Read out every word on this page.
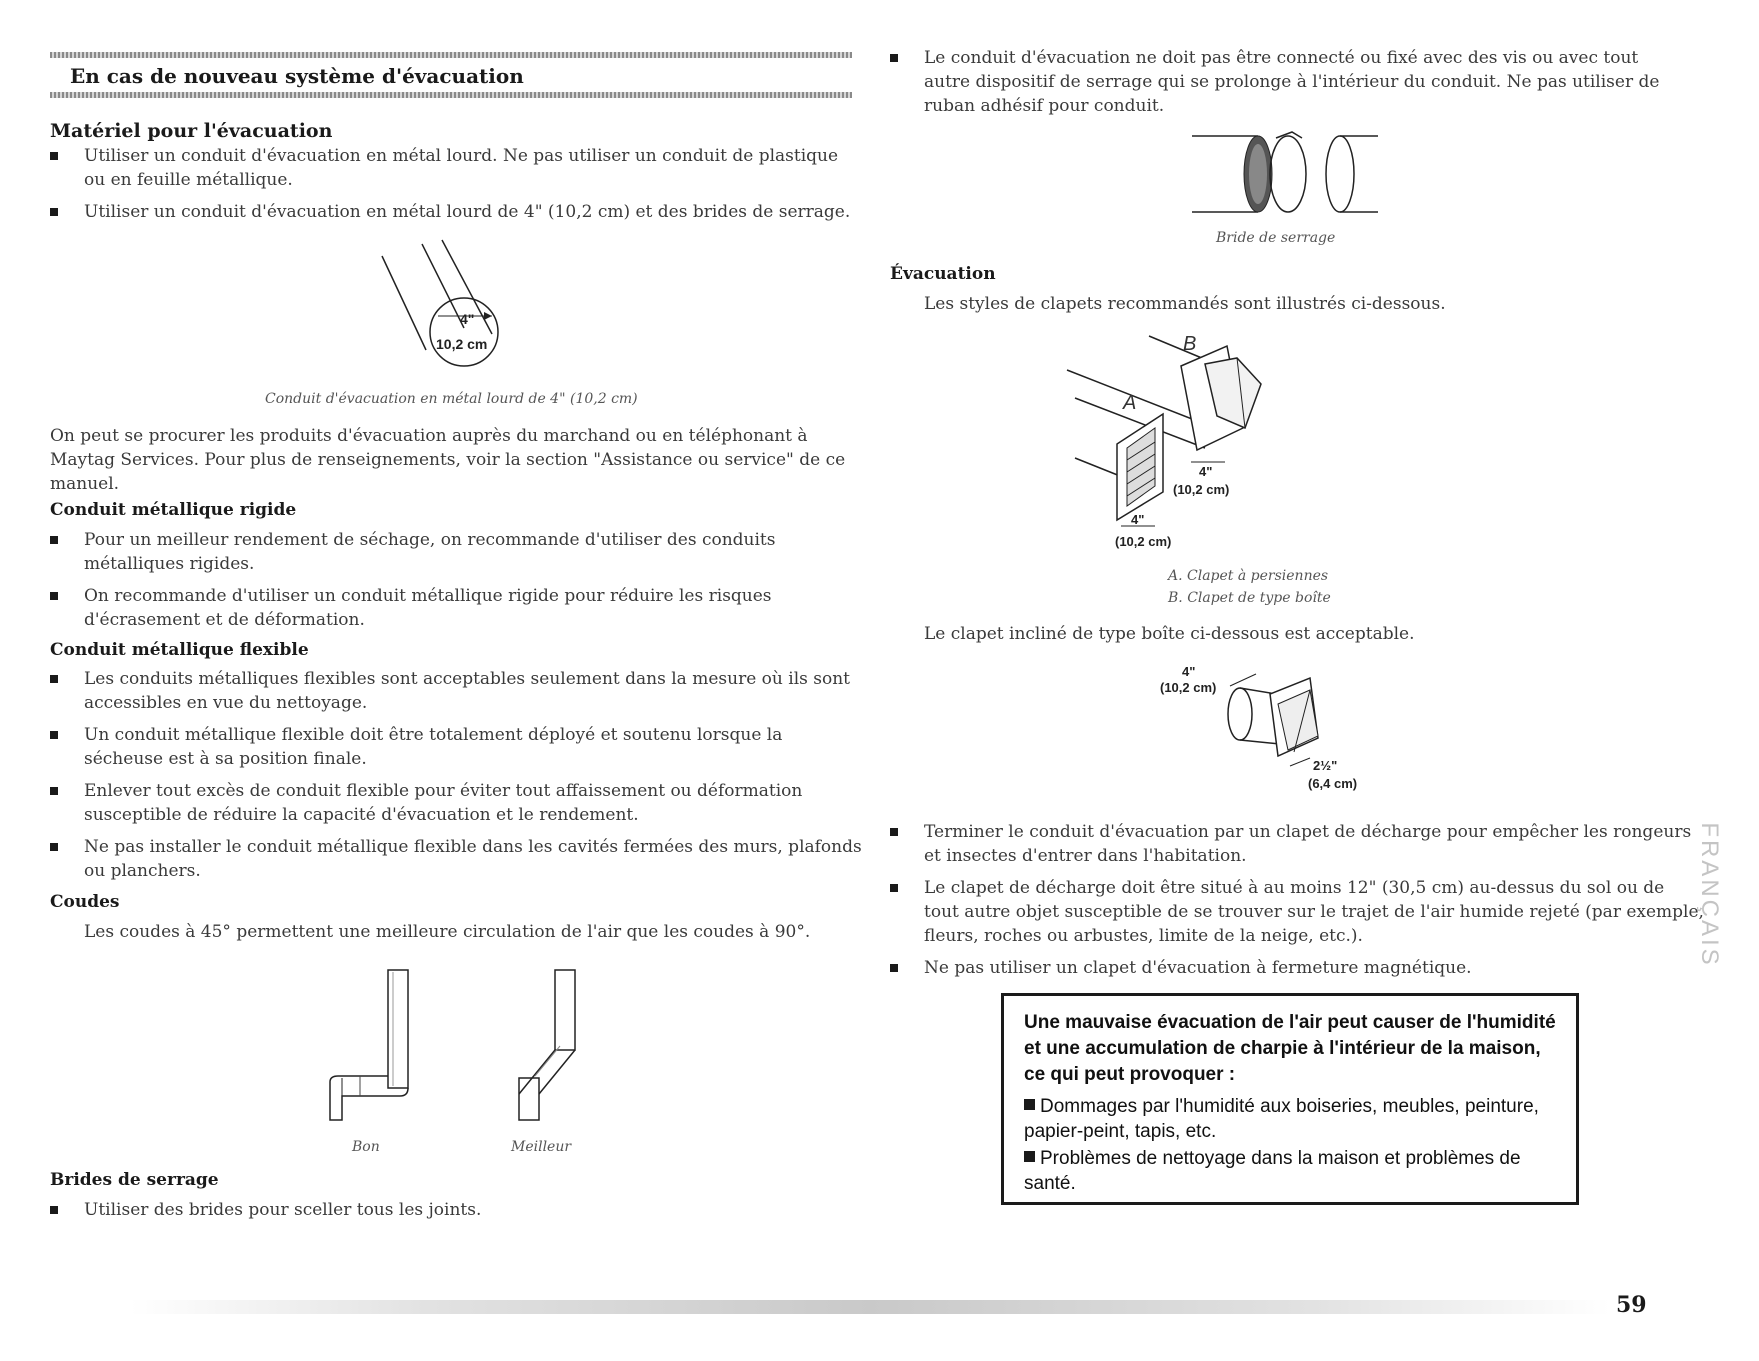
En cas de nouveau système d'évacuation
Matériel pour l'évacuation
Utiliser un conduit d'évacuation en métal lourd. Ne pas utiliser un conduit de plastique ou en feuille métallique.
Utiliser un conduit d'évacuation en métal lourd de 4" (10,2 cm) et des brides de serrage.
4"
10,2 cm
Conduit d'évacuation en métal lourd de 4" (10,2 cm)
On peut se procurer les produits d'évacuation auprès du marchand ou en téléphonant à Maytag Services. Pour plus de renseignements, voir la section "Assistance ou service" de ce manuel.
Conduit métallique rigide
Pour un meilleur rendement de séchage, on recommande d'utiliser des conduits métalliques rigides.
On recommande d'utiliser un conduit métallique rigide pour réduire les risques d'écrasement et de déformation.
Conduit métallique flexible
Les conduits métalliques flexibles sont acceptables seulement dans la mesure où ils sont accessibles en vue du nettoyage.
Un conduit métallique flexible doit être totalement déployé et soutenu lorsque la sécheuse est à sa position finale.
Enlever tout excès de conduit flexible pour éviter tout affaissement ou déformation susceptible de réduire la capacité d'évacuation et le rendement.
Ne pas installer le conduit métallique flexible dans les cavités fermées des murs, plafonds ou planchers.
Coudes
Les coudes à 45° permettent une meilleure circulation de l'air que les coudes à 90°.
Bon	Meilleur
Brides de serrage
Utiliser des brides pour sceller tous les joints.
Le conduit d'évacuation ne doit pas être connecté ou fixé avec des vis ou avec tout autre dispositif de serrage qui se prolonge à l'intérieur du conduit. Ne pas utiliser de ruban adhésif pour conduit.
Bride de serrage
Évacuation
Les styles de clapets recommandés sont illustrés ci-dessous.
B
A
4"
(10,2 cm)
4"
(10,2 cm)
A. Clapet à persiennes
B. Clapet de type boîte
Le clapet incliné de type boîte ci-dessous est acceptable.
4"
(10,2 cm)
2½"
(6,4 cm)
Terminer le conduit d'évacuation par un clapet de décharge pour empêcher les rongeurs et insectes d'entrer dans l'habitation.
Le clapet de décharge doit être situé à au moins 12" (30,5 cm) au-dessus du sol ou de tout autre objet susceptible de se trouver sur le trajet de l'air humide rejeté (par exemple, fleurs, roches ou arbustes, limite de la neige, etc.).
Ne pas utiliser un clapet d'évacuation à fermeture magnétique.
Une mauvaise évacuation de l'air peut causer de l'humidité et une accumulation de charpie à l'intérieur de la maison, ce qui peut provoquer :
Dommages par l'humidité aux boiseries, meubles, peinture, papier-peint, tapis, etc.
Problèmes de nettoyage dans la maison et problèmes de santé.
FRANÇAIS
59
